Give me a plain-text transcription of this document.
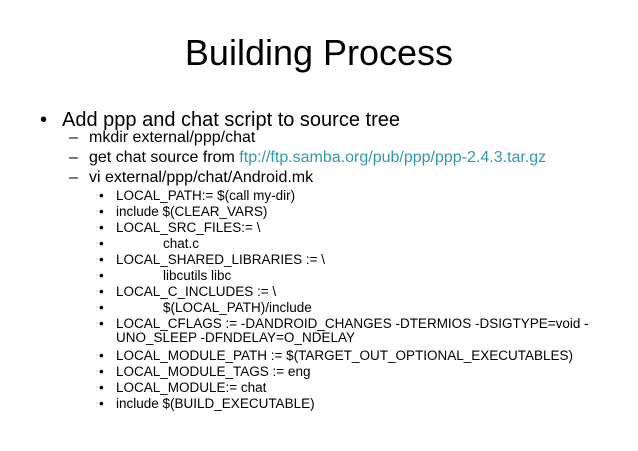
Building Process
• Add ppp and chat script to source tree
– mkdir external/ppp/chat
– get chat source from ftp://ftp.samba.org/pub/ppp/ppp-2.4.3.tar.gz
– vi external/ppp/chat/Android.mk
• LOCAL_PATH:= $(call my-dir)
• include $(CLEAR_VARS)
• LOCAL_SRC_FILES:= \
•	chat.c
• LOCAL_SHARED_LIBRARIES := \
•	libcutils libc
• LOCAL_C_INCLUDES := \
•	$(LOCAL_PATH)/include
• LOCAL_CFLAGS := -DANDROID_CHANGES -DTERMIOS -DSIGTYPE=void -
UNO_SLEEP -DFNDELAY=O_NDELAY
• LOCAL_MODULE_PATH := $(TARGET_OUT_OPTIONAL_EXECUTABLES)
• LOCAL_MODULE_TAGS := eng
• LOCAL_MODULE:= chat
• include $(BUILD_EXECUTABLE)
